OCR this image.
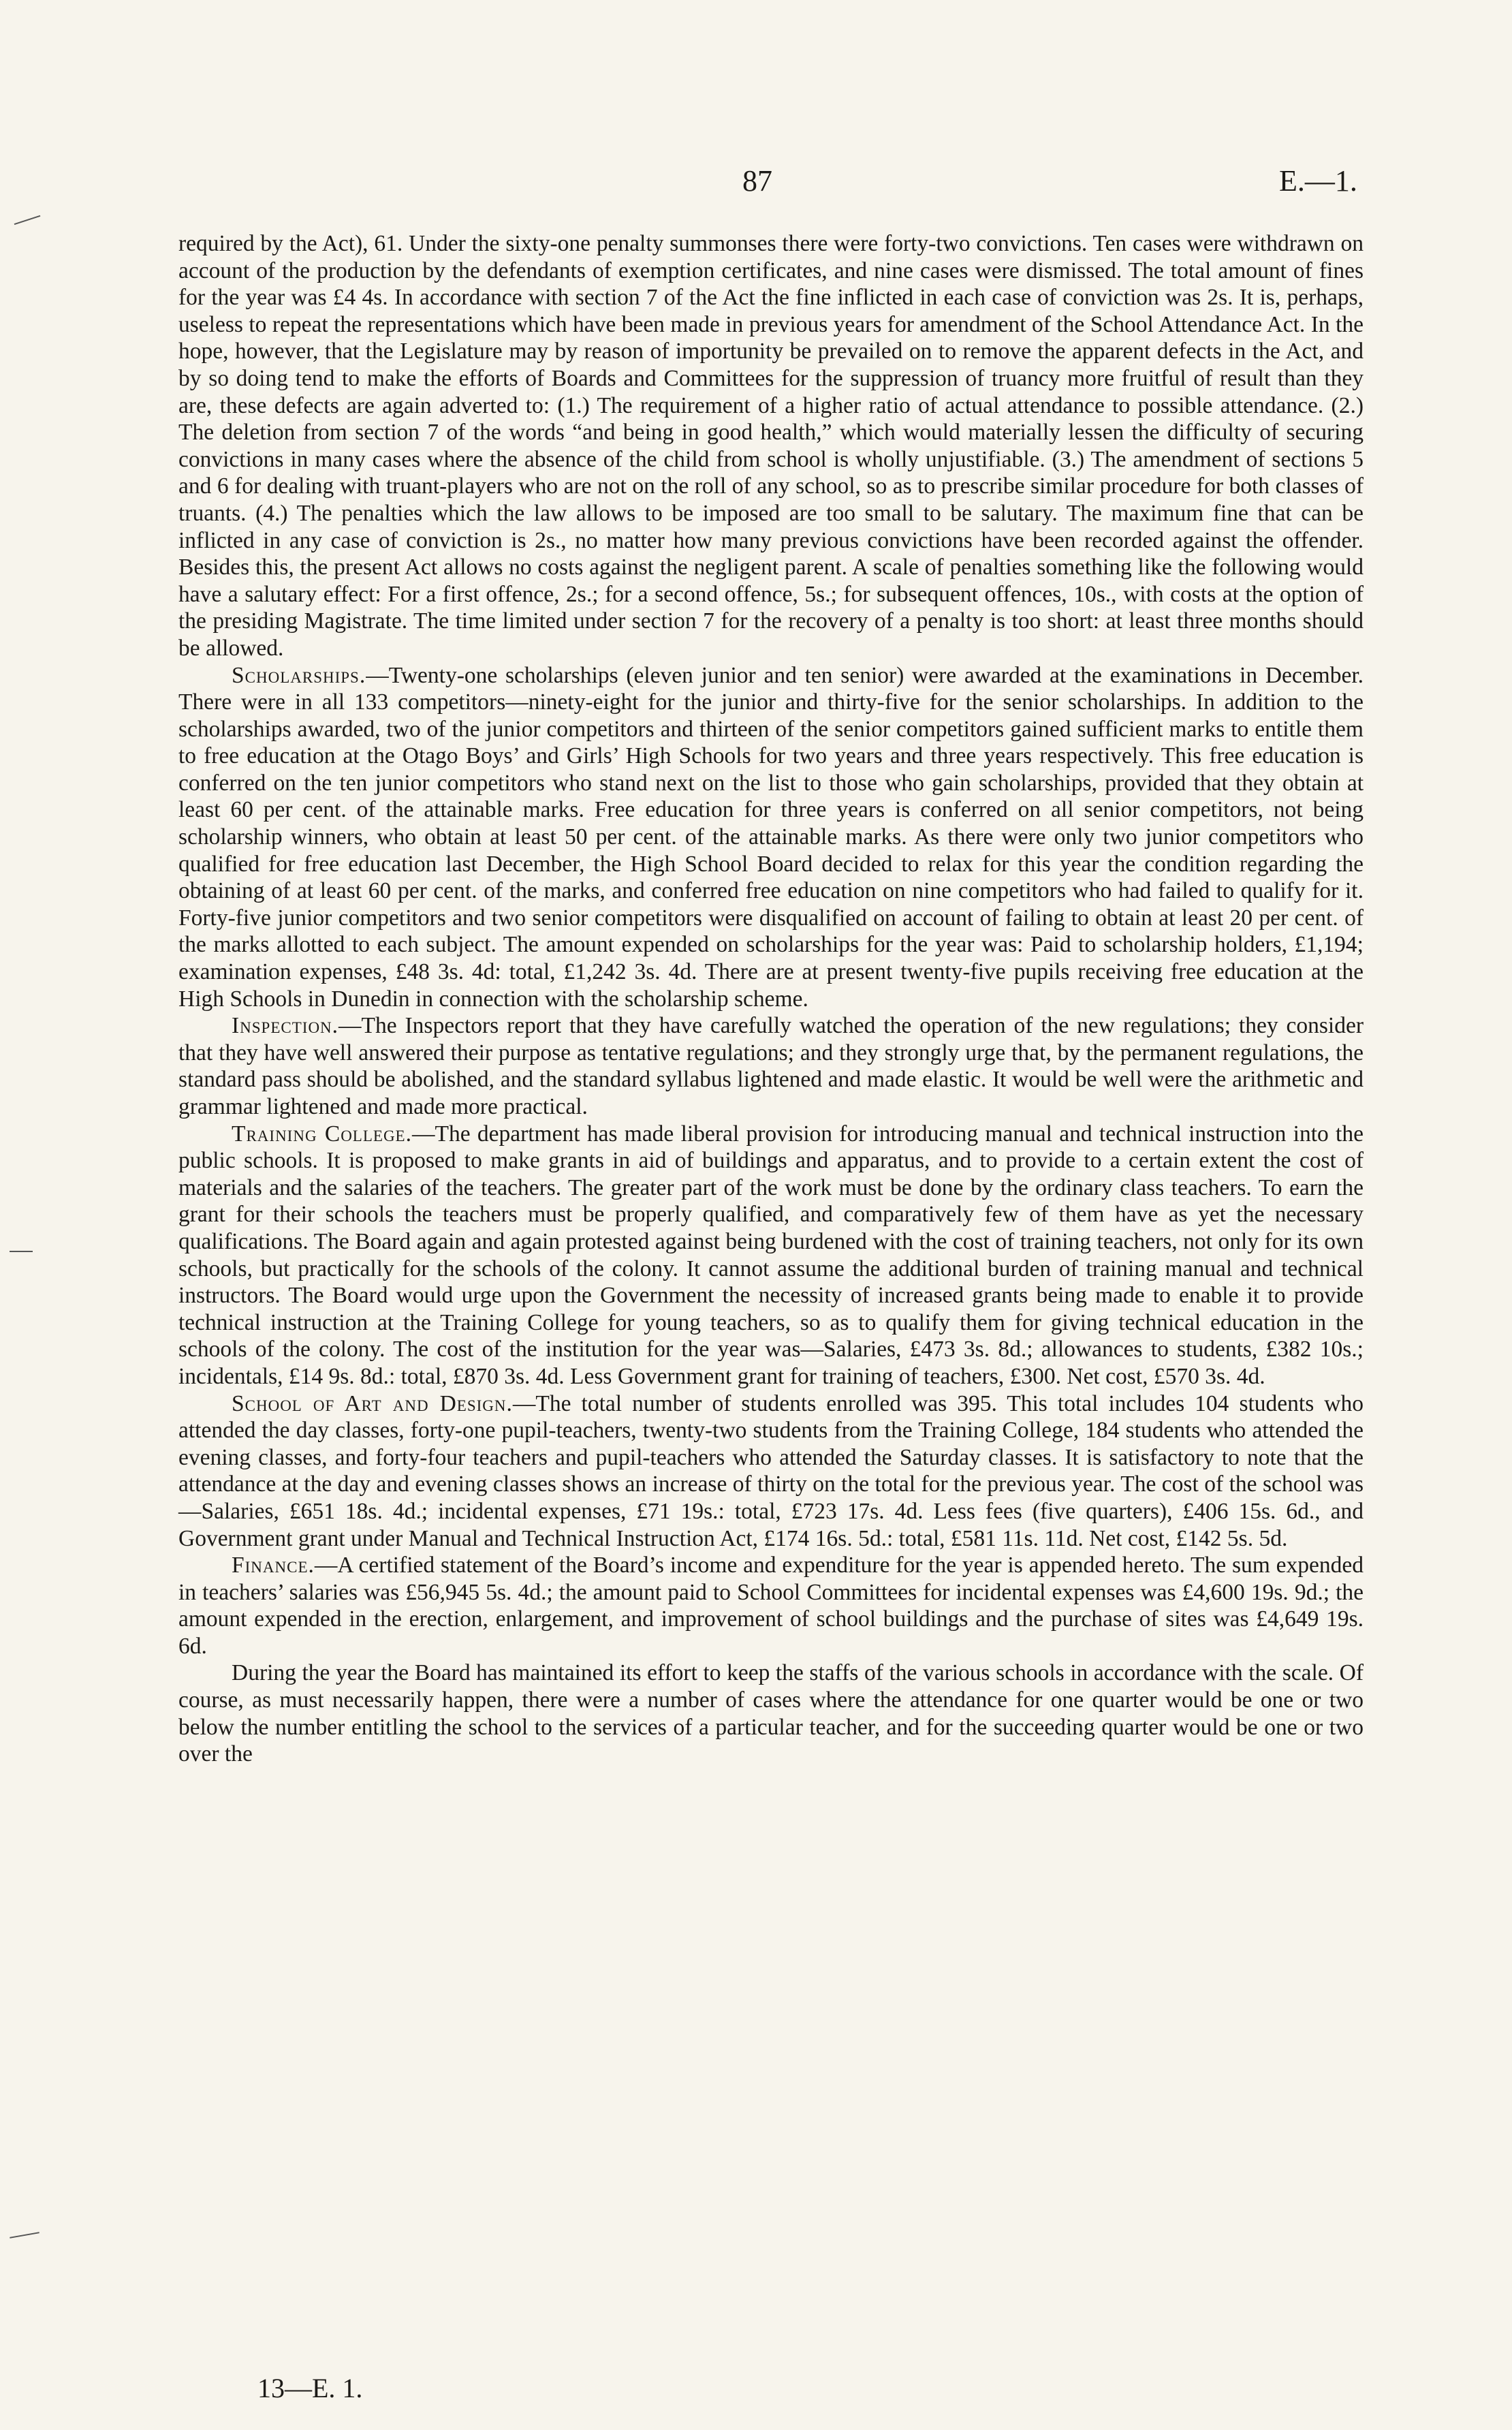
87	E.—1.

required by the Act), 61. Under the sixty-one penalty summonses there were forty-two convictions. Ten cases were withdrawn on account of the production by the defendants of exemption certificates, and nine cases were dismissed. The total amount of fines for the year was £4 4s. In accordance with section 7 of the Act the fine inflicted in each case of conviction was 2s. It is, perhaps, useless to repeat the representations which have been made in previous years for amendment of the School Attendance Act. In the hope, however, that the Legislature may by reason of importunity be prevailed on to remove the apparent defects in the Act, and by so doing tend to make the efforts of Boards and Committees for the suppression of truancy more fruitful of result than they are, these defects are again adverted to: (1.) The requirement of a higher ratio of actual attendance to possible attendance. (2.) The deletion from section 7 of the words “and being in good health,” which would materially lessen the difficulty of securing convictions in many cases where the absence of the child from school is wholly unjustifiable. (3.) The amendment of sections 5 and 6 for dealing with truant-players who are not on the roll of any school, so as to prescribe similar procedure for both classes of truants. (4.) The penalties which the law allows to be imposed are too small to be salutary. The maximum fine that can be inflicted in any case of conviction is 2s., no matter how many previous convictions have been recorded against the offender. Besides this, the present Act allows no costs against the negligent parent. A scale of penalties something like the following would have a salutary effect: For a first offence, 2s.; for a second offence, 5s.; for subsequent offences, 10s., with costs at the option of the presiding Magistrate. The time limited under section 7 for the recovery of a penalty is too short: at least three months should be allowed.

Scholarships.—Twenty-one scholarships (eleven junior and ten senior) were awarded at the examinations in December. There were in all 133 competitors—ninety-eight for the junior and thirty-five for the senior scholarships. In addition to the scholarships awarded, two of the junior competitors and thirteen of the senior competitors gained sufficient marks to entitle them to free education at the Otago Boys’ and Girls’ High Schools for two years and three years respectively. This free education is conferred on the ten junior competitors who stand next on the list to those who gain scholarships, provided that they obtain at least 60 per cent. of the attainable marks. Free education for three years is conferred on all senior competitors, not being scholarship winners, who obtain at least 50 per cent. of the attainable marks. As there were only two junior competitors who qualified for free education last December, the High School Board decided to relax for this year the condition regarding the obtaining of at least 60 per cent. of the marks, and conferred free education on nine competitors who had failed to qualify for it. Forty-five junior competitors and two senior competitors were disqualified on account of failing to obtain at least 20 per cent. of the marks allotted to each subject. The amount expended on scholarships for the year was: Paid to scholarship holders, £1,194; examination expenses, £48 3s. 4d: total, £1,242 3s. 4d. There are at present twenty-five pupils receiving free education at the High Schools in Dunedin in connection with the scholarship scheme.

Inspection.—The Inspectors report that they have carefully watched the operation of the new regulations; they consider that they have well answered their purpose as tentative regulations; and they strongly urge that, by the permanent regulations, the standard pass should be abolished, and the standard syllabus lightened and made elastic. It would be well were the arithmetic and grammar lightened and made more practical.

Training College.—The department has made liberal provision for introducing manual and technical instruction into the public schools. It is proposed to make grants in aid of buildings and apparatus, and to provide to a certain extent the cost of materials and the salaries of the teachers. The greater part of the work must be done by the ordinary class teachers. To earn the grant for their schools the teachers must be properly qualified, and comparatively few of them have as yet the necessary qualifications. The Board again and again protested against being burdened with the cost of training teachers, not only for its own schools, but practically for the schools of the colony. It cannot assume the additional burden of training manual and technical instructors. The Board would urge upon the Government the necessity of increased grants being made to enable it to provide technical instruction at the Training College for young teachers, so as to qualify them for giving technical education in the schools of the colony. The cost of the institution for the year was—Salaries, £473 3s. 8d.; allowances to students, £382 10s.; incidentals, £14 9s. 8d.: total, £870 3s. 4d. Less Government grant for training of teachers, £300. Net cost, £570 3s. 4d.

School of Art and Design.—The total number of students enrolled was 395. This total includes 104 students who attended the day classes, forty-one pupil-teachers, twenty-two students from the Training College, 184 students who attended the evening classes, and forty-four teachers and pupil-teachers who attended the Saturday classes. It is satisfactory to note that the attendance at the day and evening classes shows an increase of thirty on the total for the previous year. The cost of the school was—Salaries, £651 18s. 4d.; incidental expenses, £71 19s.: total, £723 17s. 4d. Less fees (five quarters), £406 15s. 6d., and Government grant under Manual and Technical Instruction Act, £174 16s. 5d.: total, £581 11s. 11d. Net cost, £142 5s. 5d.

Finance.—A certified statement of the Board’s income and expenditure for the year is appended hereto. The sum expended in teachers’ salaries was £56,945 5s. 4d.; the amount paid to School Committees for incidental expenses was £4,600 19s. 9d.; the amount expended in the erection, enlargement, and improvement of school buildings and the purchase of sites was £4,649 19s. 6d.

During the year the Board has maintained its effort to keep the staffs of the various schools in accordance with the scale. Of course, as must necessarily happen, there were a number of cases where the attendance for one quarter would be one or two below the number entitling the school to the services of a particular teacher, and for the succeeding quarter would be one or two over the

13—E. 1.
